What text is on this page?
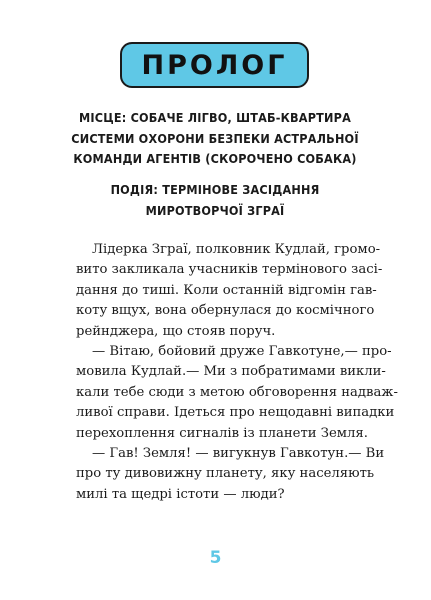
ПРОЛОГ
МІСЦЕ: СОБАЧЕ ЛІГВО, ШТАБ-КВАРТИРА
СИСТЕМИ ОХОРОНИ БЕЗПЕКИ АСТРАЛЬНОЇ
КОМАНДИ АГЕНТІВ (СКОРОЧЕНО СОБАКА)
ПОДІЯ: ТЕРМІНОВЕ ЗАСІДАННЯ
МИРОТВОРЧОЇ ЗГРАЇ
Лідерка Зграї, полковник Кудлай, громо-
вито закликала учасників термінового засі-
дання до тиші. Коли останній відгомін гав-
коту вщух, вона обернулася до космічного
рейнджера, що стояв поруч.
— Вітаю, бойовий друже Гавкотуне,— про-
мовила Кудлай.— Ми з побратимами викли-
кали тебе сюди з метою обговорення надваж-
ливої справи. Ідеться про нещодавні випадки
перехоплення сигналів із планети Земля.
— Гав! Земля! — вигукнув Гавкотун.— Ви
про ту дивовижну планету, яку населяють
милі та щедрі істоти — люди?
5
